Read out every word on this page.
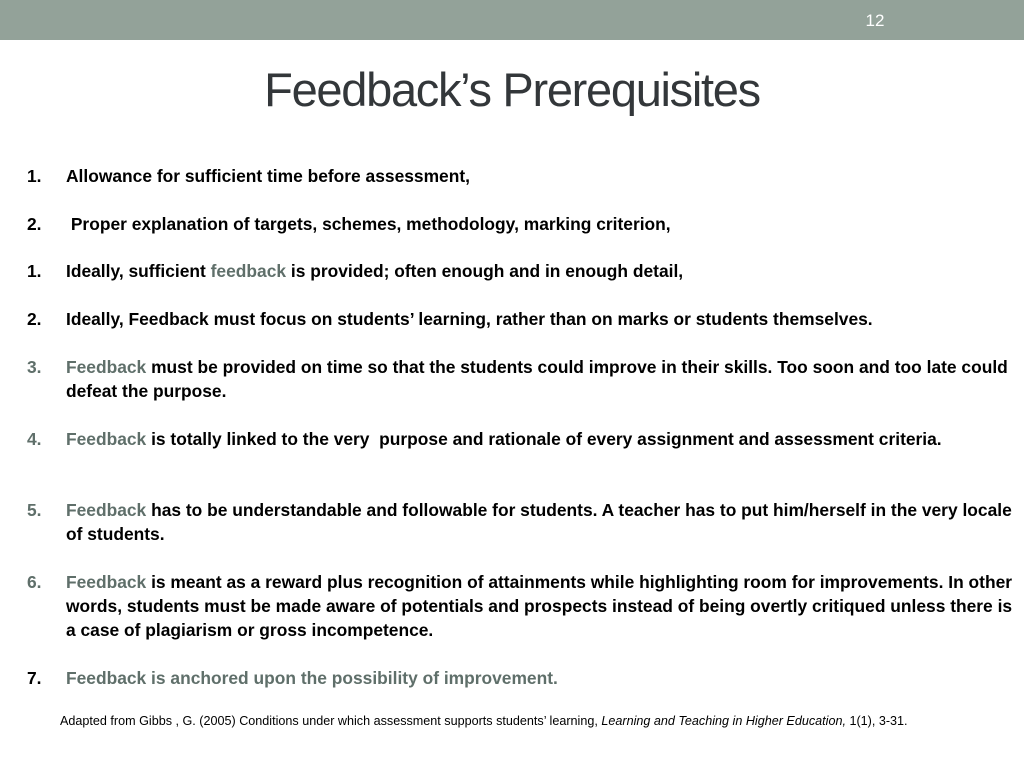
12
Feedback’s Prerequisites
1.	Allowance for sufficient time before assessment,
2.	Proper explanation of targets, schemes, methodology, marking criterion,
1.	Ideally, sufficient feedback is provided; often enough and in enough detail,
2.	Ideally, Feedback must focus on students’ learning, rather than on marks or students themselves.
3.	Feedback must be provided on time so that the students could improve in their skills. Too soon and too late could defeat the purpose.
4.	Feedback is totally linked to the very  purpose and rationale of every assignment and assessment criteria.
5.	Feedback has to be understandable and followable for students. A teacher has to put him/herself in the very locale of students.
6.	Feedback is meant as a reward plus recognition of attainments while highlighting room for improvements. In other words, students must be made aware of potentials and prospects instead of being overtly critiqued unless there is a case of plagiarism or gross incompetence.
7.	Feedback is anchored upon the possibility of improvement.
Adapted from Gibbs , G. (2005) Conditions under which assessment supports students’ learning, Learning and Teaching in Higher Education, 1(1), 3-31.
